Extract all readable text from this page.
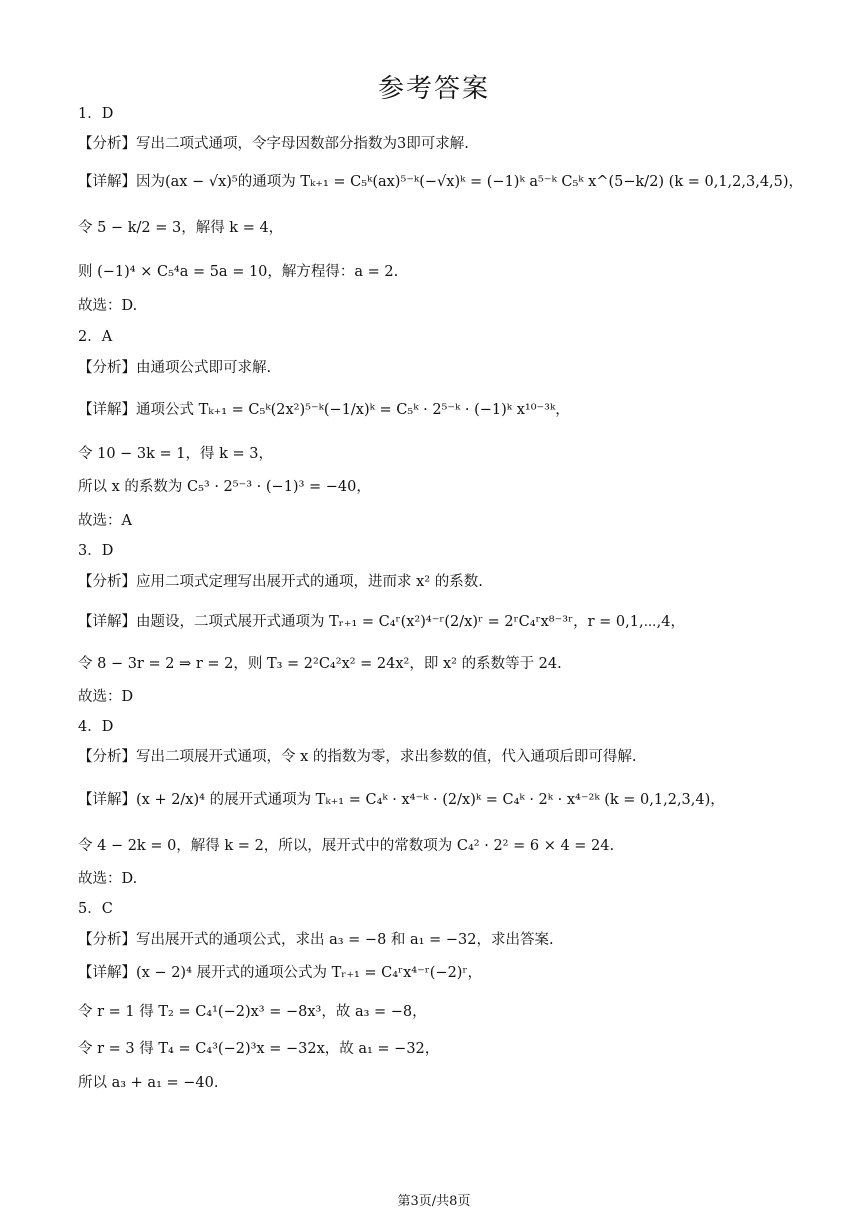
参考答案
1．D
【分析】写出二项式通项，令字母因数部分指数为3即可求解.
【详解】因为(ax − √x)⁵的通项为 Tₖ₊₁ = C₅ᵏ(ax)⁵⁻ᵏ(−√x)ᵏ = (−1)ᵏ a⁵⁻ᵏ C₅ᵏ x^(5−k/2) (k = 0,1,2,3,4,5)，
令 5 − k/2 = 3，解得 k = 4，
则 (−1)⁴ × C₅⁴a = 5a = 10，解方程得：a = 2.
故选：D.
2．A
【分析】由通项公式即可求解.
【详解】通项公式 Tₖ₊₁ = C₅ᵏ(2x²)⁵⁻ᵏ(−1/x)ᵏ = C₅ᵏ · 2⁵⁻ᵏ · (−1)ᵏ x¹⁰⁻³ᵏ，
令 10 − 3k = 1，得 k = 3，
所以 x 的系数为 C₅³ · 2⁵⁻³ · (−1)³ = −40，
故选：A
3．D
【分析】应用二项式定理写出展开式的通项，进而求 x² 的系数.
【详解】由题设，二项式展开式通项为 Tᵣ₊₁ = C₄ʳ(x²)⁴⁻ʳ(2/x)ʳ = 2ʳC₄ʳx⁸⁻³ʳ，r = 0,1,⋯,4，
令 8 − 3r = 2 ⇒ r = 2，则 T₃ = 2²C₄²x² = 24x²，即 x² 的系数等于 24.
故选：D
4．D
【分析】写出二项展开式通项，令 x 的指数为零，求出参数的值，代入通项后即可得解.
【详解】(x + 2/x)⁴ 的展开式通项为 Tₖ₊₁ = C₄ᵏ · x⁴⁻ᵏ · (2/x)ᵏ = C₄ᵏ · 2ᵏ · x⁴⁻²ᵏ (k = 0,1,2,3,4)，
令 4 − 2k = 0，解得 k = 2，所以，展开式中的常数项为 C₄² · 2² = 6 × 4 = 24.
故选：D.
5．C
【分析】写出展开式的通项公式，求出 a₃ = −8 和 a₁ = −32，求出答案.
【详解】(x − 2)⁴ 展开式的通项公式为 Tᵣ₊₁ = C₄ʳx⁴⁻ʳ(−2)ʳ，
令 r = 1 得 T₂ = C₄¹(−2)x³ = −8x³，故 a₃ = −8，
令 r = 3 得 T₄ = C₄³(−2)³x = −32x，故 a₁ = −32，
所以 a₃ + a₁ = −40.
第3页/共8页
